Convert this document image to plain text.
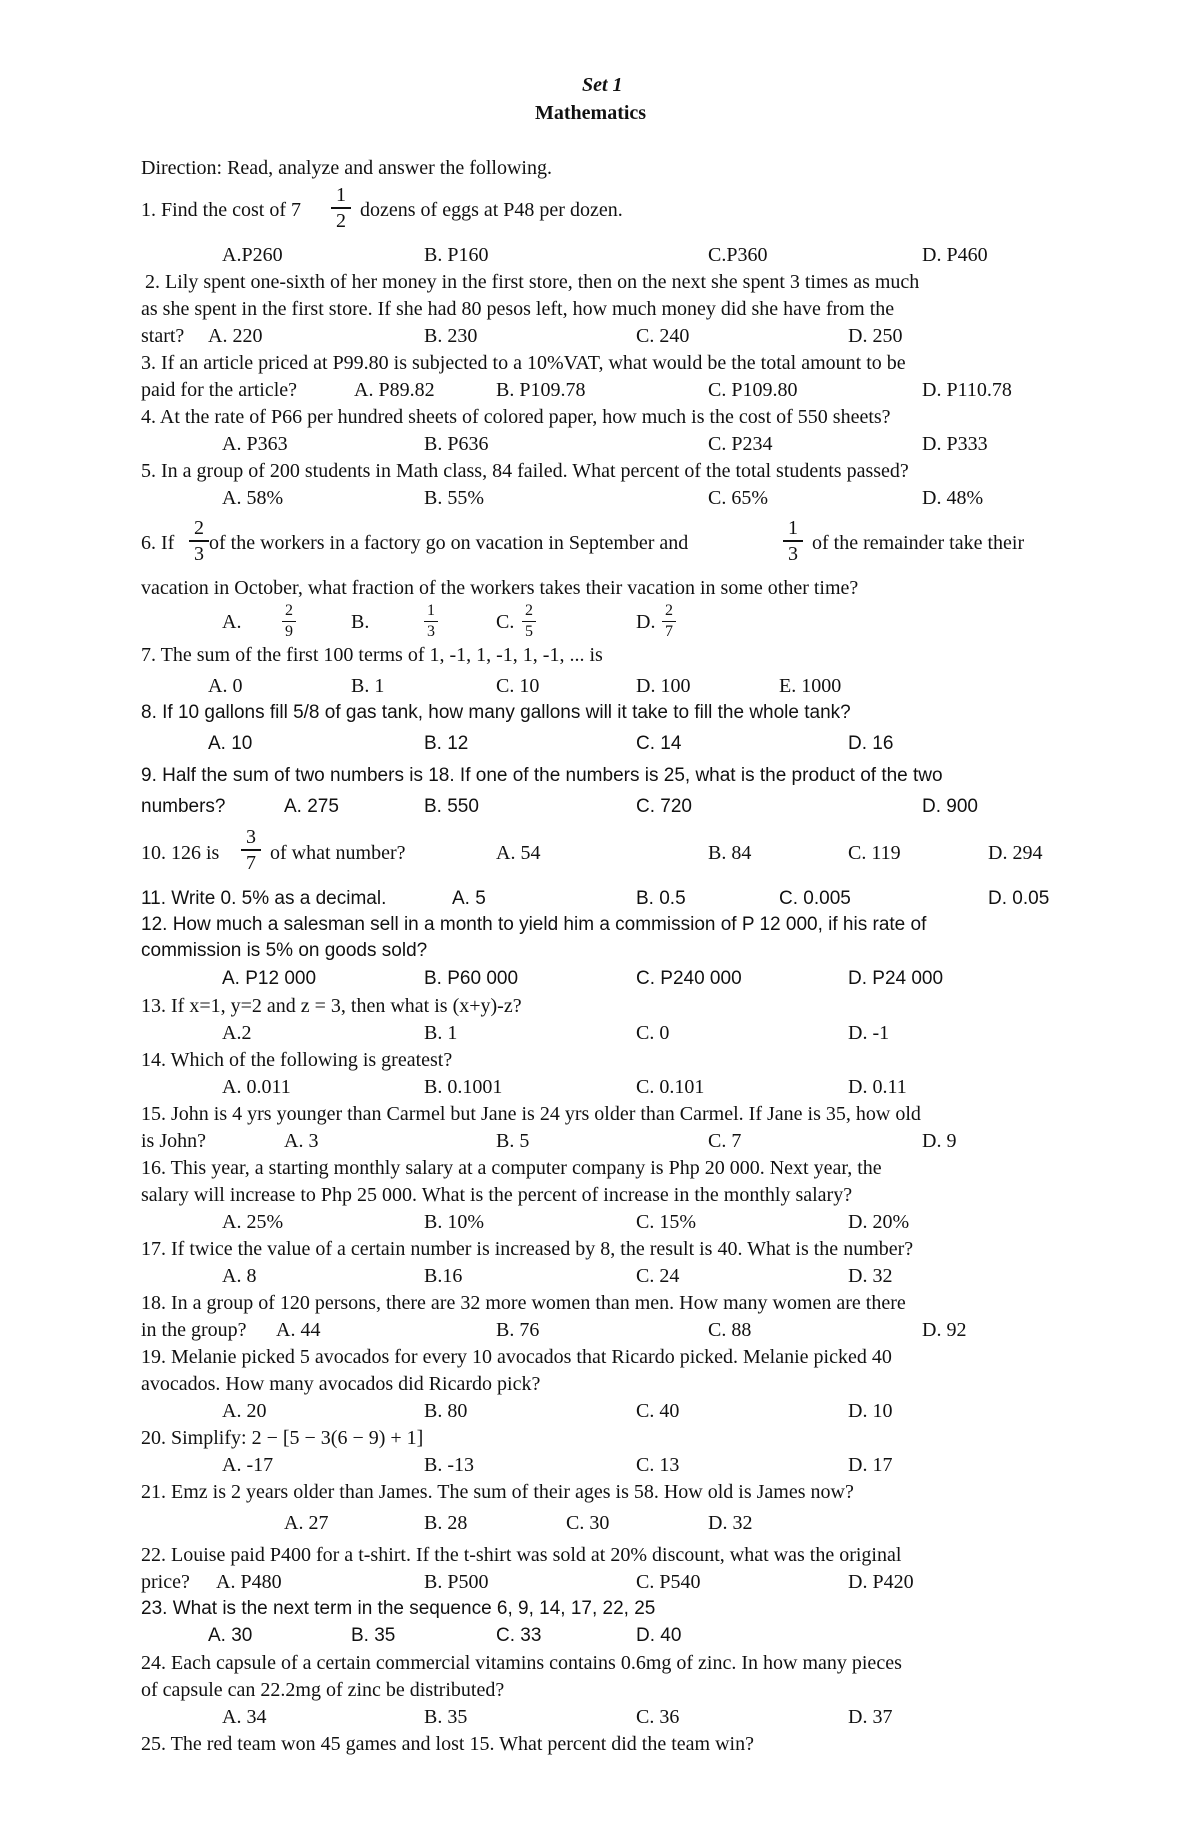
Set 1
Mathematics
Direction: Read, analyze and answer the following.
1. Find the cost of 7
1
2 dozens of eggs at P48 per dozen.
A.P260	B. P160	C.P360	D. P460
2. Lily spent one-sixth of her money in the first store, then on the next she spent 3 times as much
as she spent in the first store. If she had 80 pesos left, how much money did she have from the
start? A. 220	B. 230	C. 240	D. 250
3. If an article priced at P99.80 is subjected to a 10%VAT, what would be the total amount to be
paid for the article?	A. P89.82	B. P109.78	C. P109.80	D. P110.78
4. At the rate of P66 per hundred sheets of colored paper, how much is the cost of 550 sheets?
A. P363	B. P636	C. P234	D. P333
5. In a group of 200 students in Math class, 84 failed. What percent of the total students passed?
A. 58%	B. 55%	C. 65%	D. 48%
6. If
2
3 of the workers in a factory go on vacation in September and
1
3 of the remainder take their
vacation in October, what fraction of the workers takes their vacation in some other time?
A.
2
9	B.
1
3	C.
2
5	D.
2
7
7. The sum of the first 100 terms of 1, -1, 1, -1, 1, -1, ... is
A. 0	B. 1	C. 10	D. 100	E. 1000
8. If 10 gallons fill 5/8 of gas tank, how many gallons will it take to fill the whole tank?
A. 10	B. 12	C. 14	D. 16
9. Half the sum of two numbers is 18. If one of the numbers is 25, what is the product of the two
numbers?	A. 275	B. 550	C. 720	D. 900
10. 126 is
3
7 of what number?	A. 54	B. 84	C. 119	D. 294
11. Write 0. 5% as a decimal.	A. 5	B. 0.5	C. 0.005	D. 0.05
12. How much a salesman sell in a month to yield him a commission of P 12 000, if his rate of
commission is 5% on goods sold?
A. P12 000	B. P60 000	C. P240 000	D. P24 000
13. If x=1, y=2 and z = 3, then what is (x+y)-z?
A.2	B. 1	C. 0	D. -1
14. Which of the following is greatest?
A. 0.011	B. 0.1001	C. 0.101	D. 0.11
15. John is 4 yrs younger than Carmel but Jane is 24 yrs older than Carmel. If Jane is 35, how old
is John?	A. 3	B. 5	C. 7	D. 9
16. This year, a starting monthly salary at a computer company is Php 20 000. Next year, the
salary will increase to Php 25 000. What is the percent of increase in the monthly salary?
A. 25%	B. 10%	C. 15%	D. 20%
17. If twice the value of a certain number is increased by 8, the result is 40. What is the number?
A. 8	B.16	C. 24	D. 32
18. In a group of 120 persons, there are 32 more women than men. How many women are there
in the group? A. 44	B. 76	C. 88	D. 92
19. Melanie picked 5 avocados for every 10 avocados that Ricardo picked. Melanie picked 40
avocados. How many avocados did Ricardo pick?
A. 20	B. 80	C. 40	D. 10
20. Simplify: 2 − [5 − 3(6 − 9) + 1]
A. -17	B. -13	C. 13	D. 17
21. Emz is 2 years older than James. The sum of their ages is 58. How old is James now?
A. 27	B. 28	C. 30	D. 32
22. Louise paid P400 for a t-shirt. If the t-shirt was sold at 20% discount, what was the original
price? A. P480	B. P500	C. P540	D. P420
23. What is the next term in the sequence 6, 9, 14, 17, 22, 25
A. 30	B. 35	C. 33	D. 40
24. Each capsule of a certain commercial vitamins contains 0.6mg of zinc. In how many pieces
of capsule can 22.2mg of zinc be distributed?
A. 34	B. 35	C. 36	D. 37
25. The red team won 45 games and lost 15. What percent did the team win?
